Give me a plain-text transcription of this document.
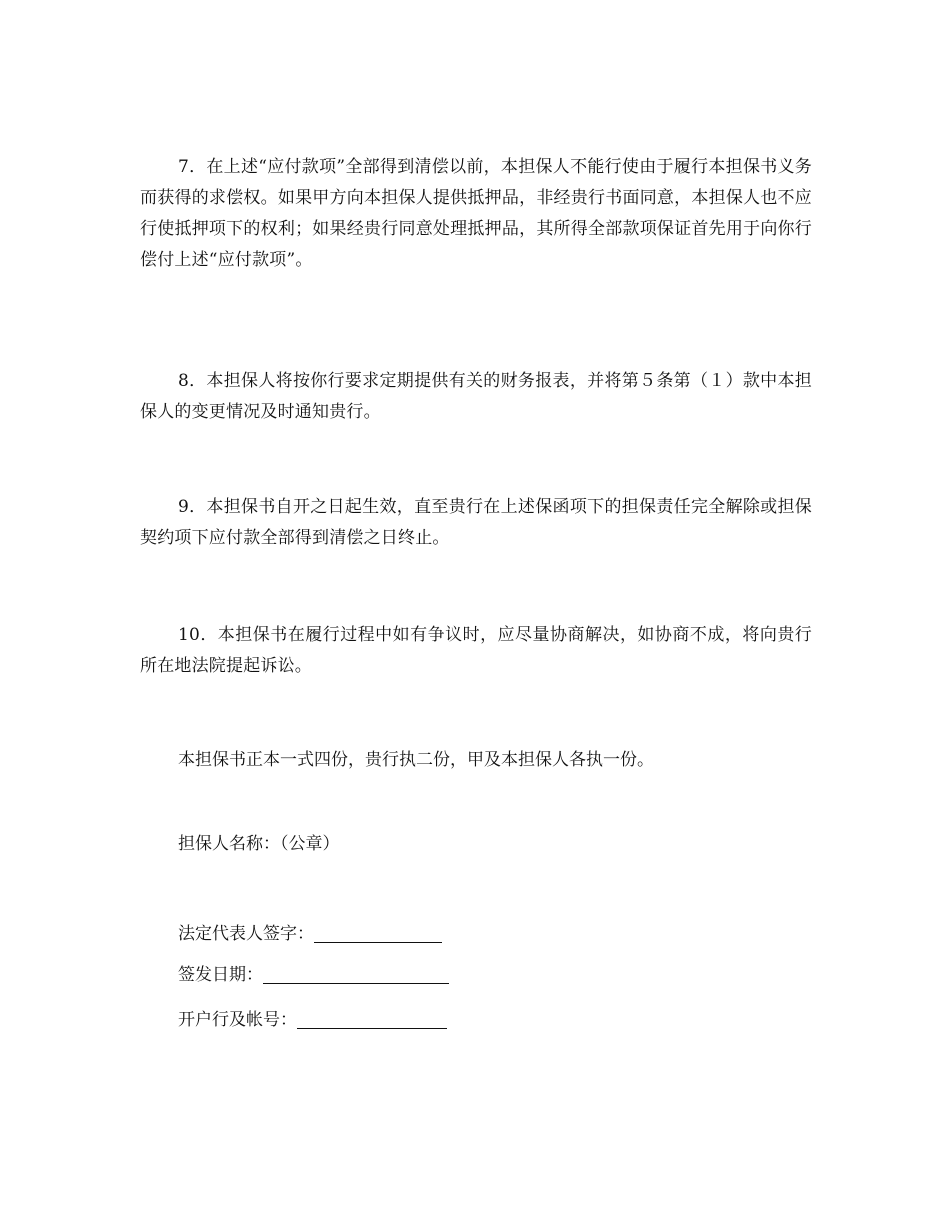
7．在上述“应付款项”全部得到清偿以前，本担保人不能行使由于履行本担保书义务而获得的求偿权。如果甲方向本担保人提供抵押品，非经贵行书面同意，本担保人也不应行使抵押项下的权利；如果经贵行同意处理抵押品，其所得全部款项保证首先用于向你行偿付上述“应付款项”。

8．本担保人将按你行要求定期提供有关的财务报表，并将第５条第（１）款中本担保人的变更情况及时通知贵行。

9．本担保书自开之日起生效，直至贵行在上述保函项下的担保责任完全解除或担保契约项下应付款全部得到清偿之日终止。

10．本担保书在履行过程中如有争议时，应尽量协商解决，如协商不成，将向贵行所在地法院提起诉讼。

本担保书正本一式四份，贵行执二份，甲及本担保人各执一份。

担保人名称：（公章）

法定代表人签字：
签发日期：
开户行及帐号：
